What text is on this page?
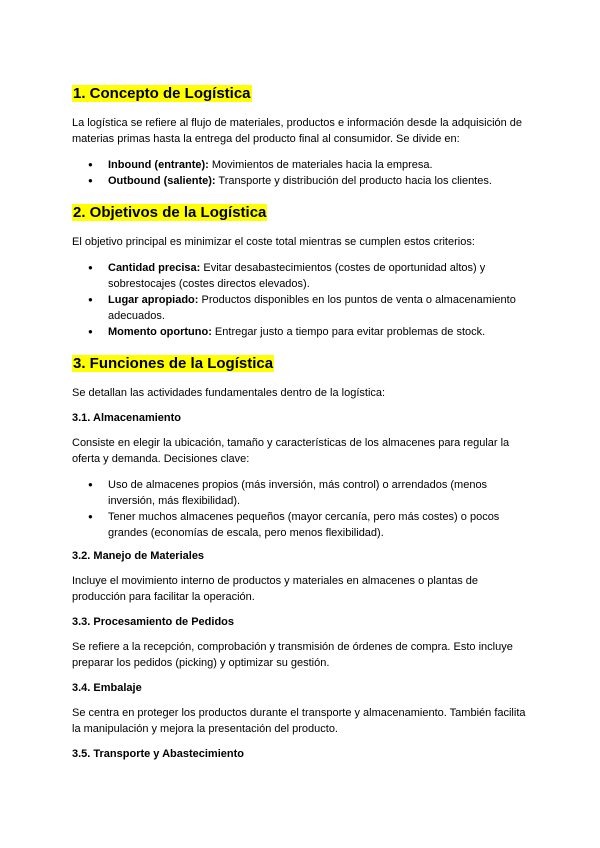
1. Concepto de Logística

La logística se refiere al flujo de materiales, productos e información desde la adquisición de materias primas hasta la entrega del producto final al consumidor. Se divide en:

● Inbound (entrante): Movimientos de materiales hacia la empresa.
● Outbound (saliente): Transporte y distribución del producto hacia los clientes.
2. Objetivos de la Logística

El objetivo principal es minimizar el coste total mientras se cumplen estos criterios:

● Cantidad precisa: Evitar desabastecimientos (costes de oportunidad altos) y sobrestocajes (costes directos elevados).
● Lugar apropiado: Productos disponibles en los puntos de venta o almacenamiento adecuados.
● Momento oportuno: Entregar justo a tiempo para evitar problemas de stock.
3. Funciones de la Logística

Se detallan las actividades fundamentales dentro de la logística:

3.1. Almacenamiento

Consiste en elegir la ubicación, tamaño y características de los almacenes para regular la oferta y demanda. Decisiones clave:

● Uso de almacenes propios (más inversión, más control) o arrendados (menos inversión, más flexibilidad).
● Tener muchos almacenes pequeños (mayor cercanía, pero más costes) o pocos grandes (economías de escala, pero menos flexibilidad).
3.2. Manejo de Materiales

Incluye el movimiento interno de productos y materiales en almacenes o plantas de producción para facilitar la operación.

3.3. Procesamiento de Pedidos

Se refiere a la recepción, comprobación y transmisión de órdenes de compra. Esto incluye preparar los pedidos (picking) y optimizar su gestión.

3.4. Embalaje

Se centra en proteger los productos durante el transporte y almacenamiento. También facilita la manipulación y mejora la presentación del producto.

3.5. Transporte y Abastecimiento
